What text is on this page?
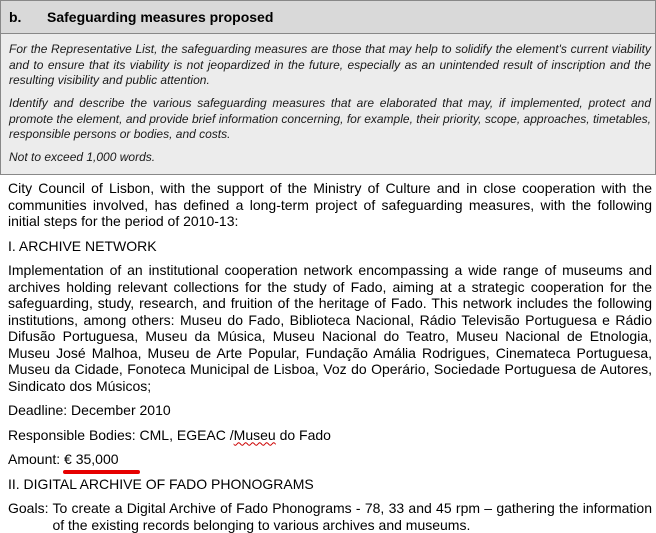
b. Safeguarding measures proposed

For the Representative List, the safeguarding measures are those that may help to solidify the element's current viability and to ensure that its viability is not jeopardized in the future, especially as an unintended result of inscription and the resulting visibility and public attention.

Identify and describe the various safeguarding measures that are elaborated that may, if implemented, protect and promote the element, and provide brief information concerning, for example, their priority, scope, approaches, timetables, responsible persons or bodies, and costs.

Not to exceed 1,000 words.

City Council of Lisbon, with the support of the Ministry of Culture and in close cooperation with the communities involved, has defined a long-term project of safeguarding measures, with the following initial steps for the period of 2010-13:

I. ARCHIVE NETWORK

Implementation of an institutional cooperation network encompassing a wide range of museums and archives holding relevant collections for the study of Fado, aiming at a strategic cooperation for the safeguarding, study, research, and fruition of the heritage of Fado. This network includes the following institutions, among others: Museu do Fado, Biblioteca Nacional, Rádio Televisão Portuguesa e Rádio Difusão Portuguesa, Museu da Música, Museu Nacional do Teatro, Museu Nacional de Etnologia, Museu José Malhoa, Museu de Arte Popular, Fundação Amália Rodrigues, Cinemateca Portuguesa, Museu da Cidade, Fonoteca Municipal de Lisboa, Voz do Operário, Sociedade Portuguesa de Autores, Sindicato dos Músicos;

Deadline: December 2010

Responsible Bodies: CML, EGEAC /Museu do Fado

Amount: € 35,000

II. DIGITAL ARCHIVE OF FADO PHONOGRAMS

Goals: To create a Digital Archive of Fado Phonograms - 78, 33 and 45 rpm – gathering the information of the existing records belonging to various archives and museums.
